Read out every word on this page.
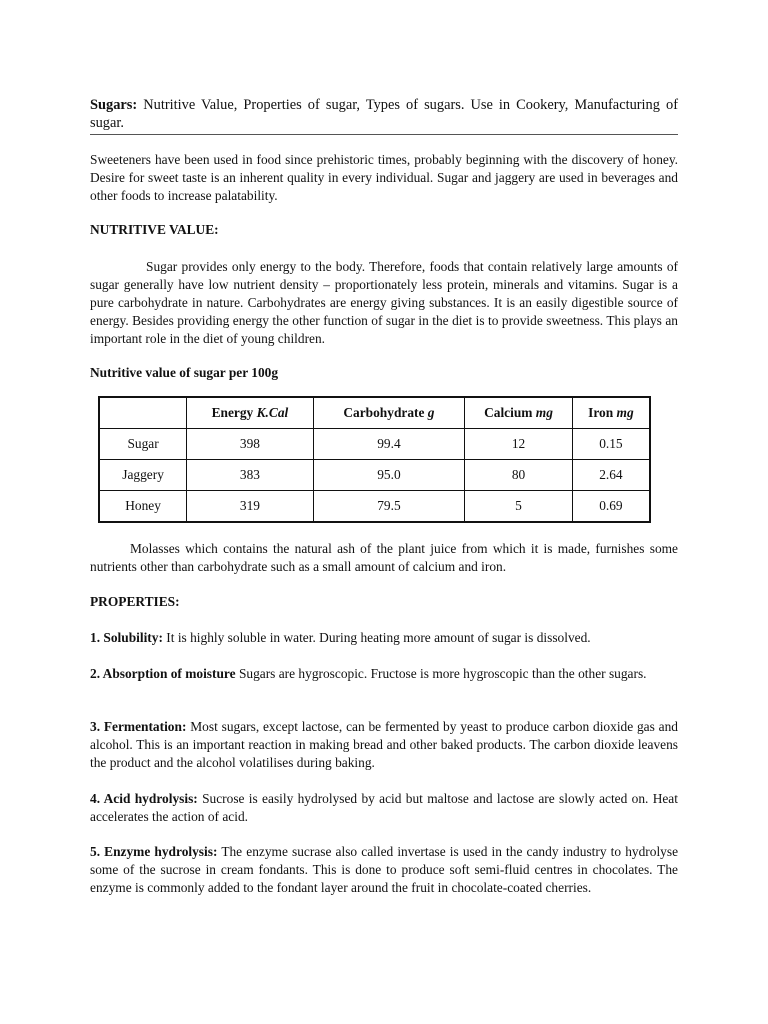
Sugars: Nutritive Value, Properties of sugar, Types of sugars. Use in Cookery, Manufacturing of sugar.

Sweeteners have been used in food since prehistoric times, probably beginning with the discovery of honey. Desire for sweet taste is an inherent quality in every individual. Sugar and jaggery are used in beverages and other foods to increase palatability.

NUTRITIVE VALUE:

Sugar provides only energy to the body. Therefore, foods that contain relatively large amounts of sugar generally have low nutrient density – proportionately less protein, minerals and vitamins. Sugar is a pure carbohydrate in nature. Carbohydrates are energy giving substances. It is an easily digestible source of energy. Besides providing energy the other function of sugar in the diet is to provide sweetness. This plays an important role in the diet of young children.

Nutritive value of sugar per 100g
	Energy K.Cal	Carbohydrate g	Calcium mg	Iron mg
Sugar	398	99.4	12	0.15
Jaggery	383	95.0	80	2.64
Honey	319	79.5	5	0.69

Molasses which contains the natural ash of the plant juice from which it is made, furnishes some nutrients other than carbohydrate such as a small amount of calcium and iron.

PROPERTIES:

1. Solubility: It is highly soluble in water. During heating more amount of sugar is dissolved.

2. Absorption of moisture Sugars are hygroscopic. Fructose is more hygroscopic than the other sugars.

3. Fermentation: Most sugars, except lactose, can be fermented by yeast to produce carbon dioxide gas and alcohol. This is an important reaction in making bread and other baked products. The carbon dioxide leavens the product and the alcohol volatilises during baking.

4. Acid hydrolysis: Sucrose is easily hydrolysed by acid but maltose and lactose are slowly acted on. Heat accelerates the action of acid.

5. Enzyme hydrolysis: The enzyme sucrase also called invertase is used in the candy industry to hydrolyse some of the sucrose in cream fondants. This is done to produce soft semi-fluid centres in chocolates. The enzyme is commonly added to the fondant layer around the fruit in chocolate-coated cherries.
